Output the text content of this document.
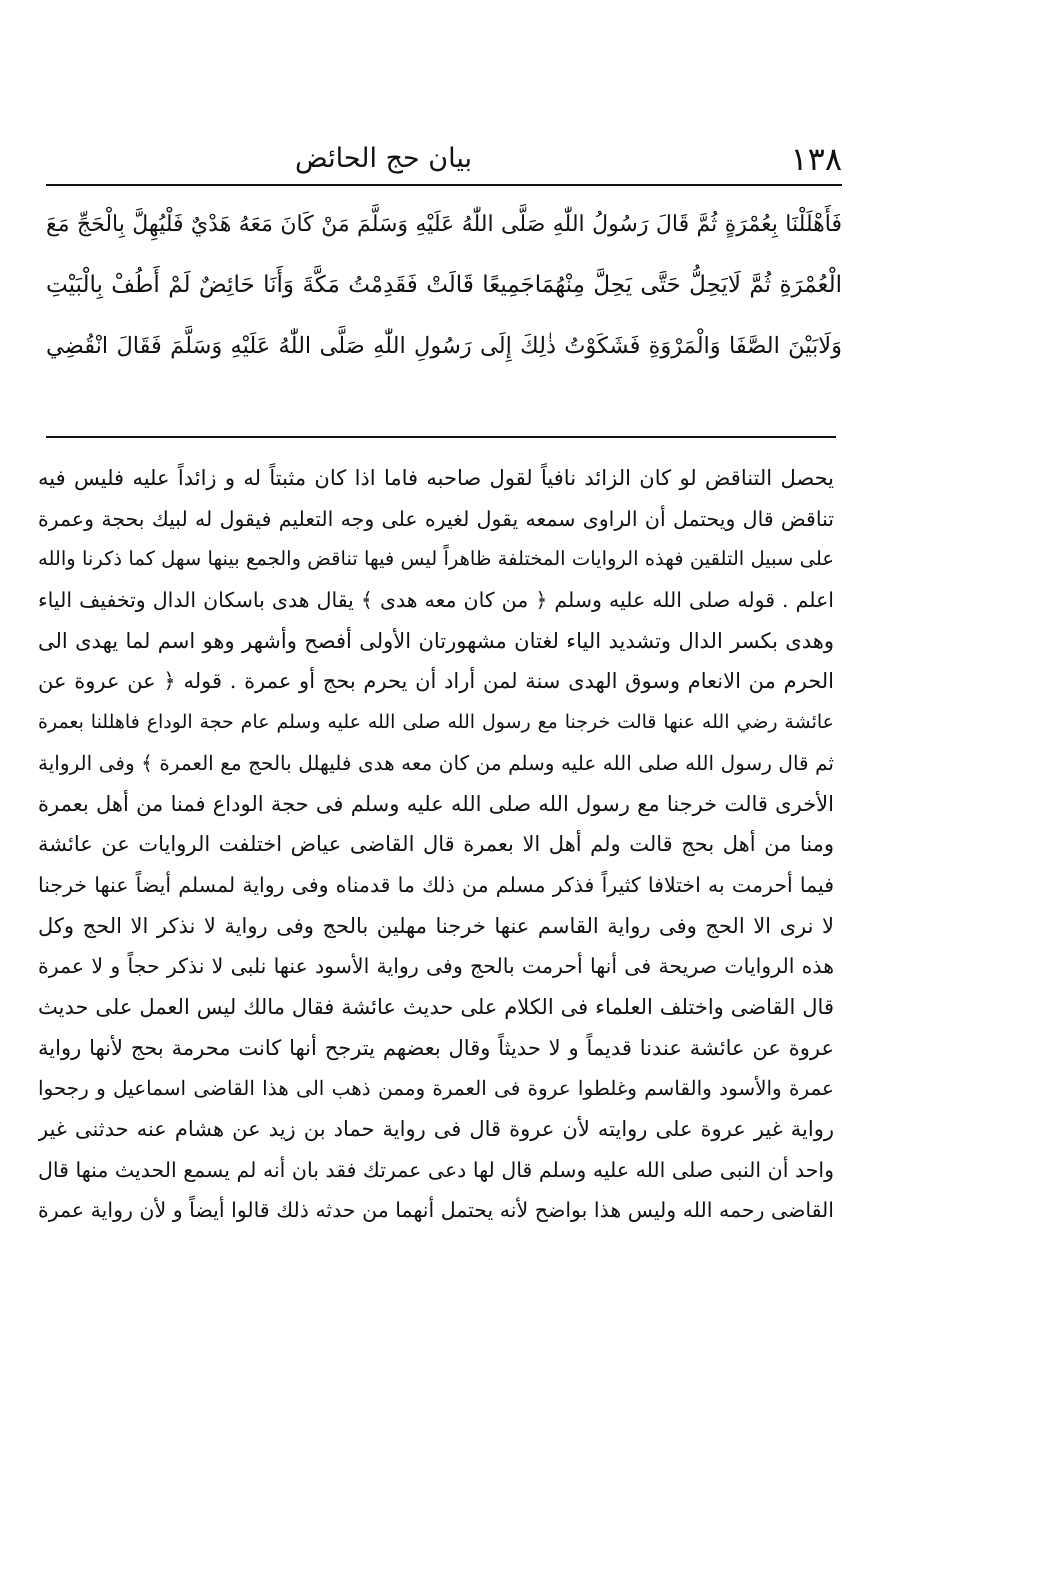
١٣٨
بيان حج الحائض
فَأَهْلَلْنَا بِعُمْرَةٍ ثُمَّ قَالَ رَسُولُ اللّٰهِ صَلَّى اللّٰهُ عَلَيْهِ وَسَلَّمَ مَنْ كَانَ مَعَهُ هَدْيٌ فَلْيُهِلَّ بِالْحَجِّ مَعَ
الْعُمْرَةِ ثُمَّ لَايَحِلُّ حَتَّى يَحِلَّ مِنْهُمَاجَمِيعًا قَالَتْ فَقَدِمْتُ مَكَّةَ وَأَنَا حَائِضٌ لَمْ أَطُفْ بِالْبَيْتِ
وَلَابَيْنَ الصَّفَا وَالْمَرْوَةِ فَشَكَوْتُ ذٰلِكَ إِلَى رَسُولِ اللّٰهِ صَلَّى اللّٰهُ عَلَيْهِ وَسَلَّمَ فَقَالَ انْقُضِي
يحصل التناقض لو كان الزائد نافياً لقول صاحبه فاما اذا كان مثبتاً له و زائداً عليه فليس فيه
تناقض قال ويحتمل أن الراوى سمعه يقول لغيره على وجه التعليم فيقول له لبيك بحجة وعمرة
على سبيل التلقين فهذه الروايات المختلفة ظاهراً ليس فيها تناقض والجمع بينها سهل كما ذكرنا والله
اعلم . قوله صلى الله عليه وسلم ﴿ من كان معه هدى ﴾ يقال هدى باسكان الدال وتخفيف الياء
وهدى بكسر الدال وتشديد الياء لغتان مشهورتان الأولى أفصح وأشهر وهو اسم لما يهدى الى
الحرم من الانعام وسوق الهدى سنة لمن أراد أن يحرم بحج أو عمرة . قوله ﴿ عن عروة عن
عائشة رضي الله عنها قالت خرجنا مع رسول الله صلى الله عليه وسلم عام حجة الوداع فاهللنا بعمرة
ثم قال رسول الله صلى الله عليه وسلم من كان معه هدى فليهلل بالحج مع العمرة ﴾ وفى الرواية
الأخرى قالت خرجنا مع رسول الله صلى الله عليه وسلم فى حجة الوداع فمنا من أهل بعمرة
ومنا من أهل بحج قالت ولم أهل الا بعمرة قال القاضى عياض اختلفت الروايات عن عائشة
فيما أحرمت به اختلافا كثيراً فذكر مسلم من ذلك ما قدمناه وفى رواية لمسلم أيضاً عنها خرجنا
لا نرى الا الحج وفى رواية القاسم عنها خرجنا مهلين بالحج وفى رواية لا نذكر الا الحج وكل
هذه الروايات صريحة فى أنها أحرمت بالحج وفى رواية الأسود عنها نلبى لا نذكر حجاً و لا عمرة
قال القاضى واختلف العلماء فى الكلام على حديث عائشة فقال مالك ليس العمل على حديث
عروة عن عائشة عندنا قديماً و لا حديثاً وقال بعضهم يترجح أنها كانت محرمة بحج لأنها رواية
عمرة والأسود والقاسم وغلطوا عروة فى العمرة وممن ذهب الى هذا القاضى اسماعيل و رجحوا
رواية غير عروة على روايته لأن عروة قال فى رواية حماد بن زيد عن هشام عنه حدثنى غير
واحد أن النبى صلى الله عليه وسلم قال لها دعى عمرتك فقد بان أنه لم يسمع الحديث منها قال
القاضى رحمه الله وليس هذا بواضح لأنه يحتمل أنهما من حدثه ذلك قالوا أيضاً و لأن رواية عمرة
